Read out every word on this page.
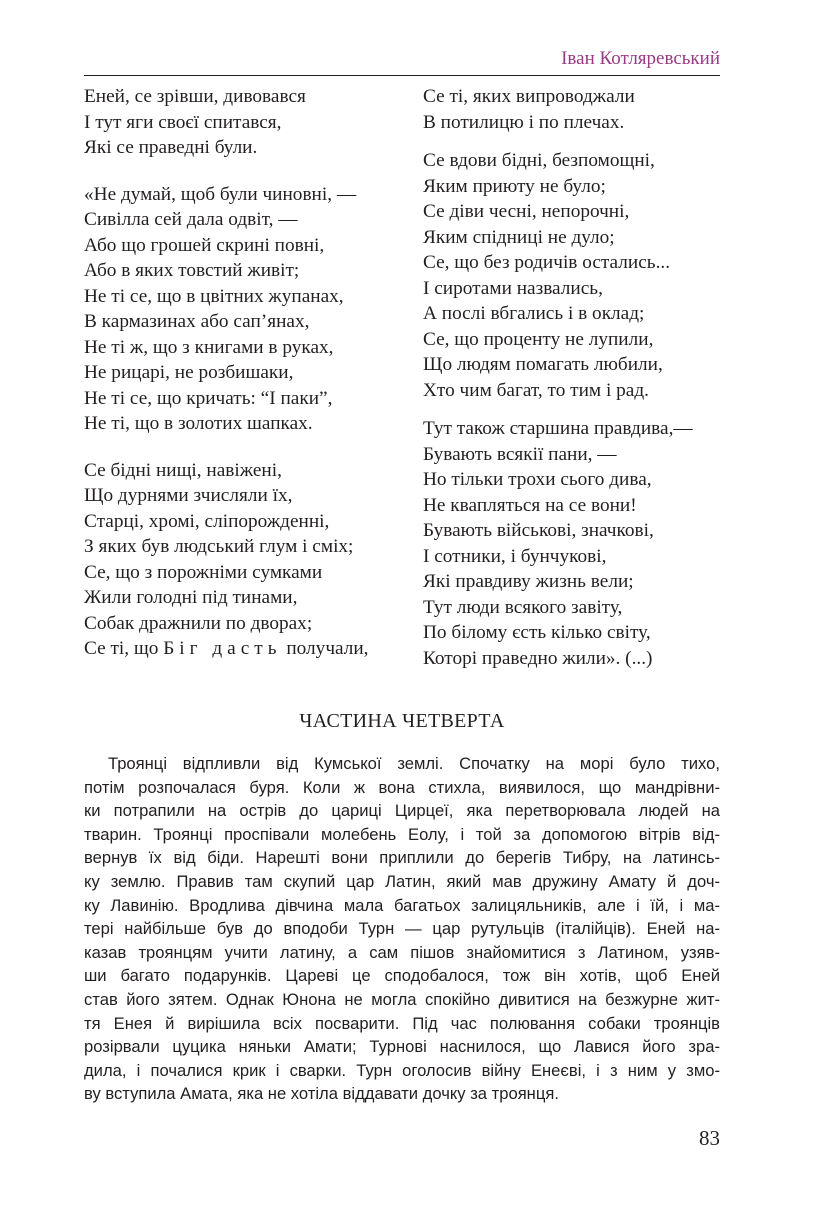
Іван Котляревський
Еней, се зрівши, дивовався
І тут яги своєї спитався,
Які се праведні були.
«Не думай, щоб були чиновні, —
Сивілла сей дала одвіт, —
Або що грошей скрині повні,
Або в яких товстий живіт;
Не ті се, що в цвітних жупанах,
В кармазинах або сап’янах,
Не ті ж, що з книгами в руках,
Не рицарі, не розбишаки,
Не ті се, що кричать: “І паки”,
Не ті, що в золотих шапках.
Се бідні нищі, навіжені,
Що дурнями зчисляли їх,
Старці, хромі, сліпорожденні,
З яких був людський глум і сміх;
Се, що з порожніми сумками
Жили голодні під тинами,
Собак дражнили по дворах;
Се ті, що Біг дасть получали,
Се ті, яких випроводжали
В потилицю і по плечах.
Се вдови бідні, безпомощні,
Яким приюту не було;
Се діви чесні, непорочні,
Яким спідниці не дуло;
Се, що без родичів остались...
І сиротами назвались,
А послі вбгались і в оклад;
Се, що проценту не лупили,
Що людям помагать любили,
Хто чим багат, то тим і рад.
Тут також старшина правдива,—
Бувають всякії пани, —
Но тільки трохи сього дива,
Не квапляться на се вони!
Бувають військові, значкові,
І сотники, і бунчукові,
Які правдиву жизнь вели;
Тут люди всякого завіту,
По білому єсть кілько світу,
Которі праведно жили». (...)
ЧАСТИНА ЧЕТВЕРТА
Троянці відпливли від Кумської землі. Спочатку на морі було тихо,
потім розпочалася буря. Коли ж вона стихла, виявилося, що мандрівни-
ки потрапили на острів до цариці Цирцеї, яка перетворювала людей на
тварин. Троянці проспівали молебень Еолу, і той за допомогою вітрів від-
вернув їх від біди. Нарешті вони приплили до берегів Тибру, на латинсь-
ку землю. Правив там скупий цар Латин, який мав дружину Амату й доч-
ку Лавинію. Вродлива дівчина мала багатьох залицяльників, але і їй, і ма-
тері найбільше був до вподоби Турн — цар рутульців (італійців). Еней на-
казав троянцям учити латину, а сам пішов знайомитися з Латином, узяв-
ши багато подарунків. Цареві це сподобалося, тож він хотів, щоб Еней
став його зятем. Однак Юнона не могла спокійно дивитися на безжурне жит-
тя Енея й вирішила всіх посварити. Під час полювання собаки троянців
розірвали цуцика няньки Амати; Турнові наснилося, що Лавися його зра-
дила, і почалися крик і сварки. Турн оголосив війну Енеєві, і з ним у змо-
ву вступила Амата, яка не хотіла віддавати дочку за троянця.
83
